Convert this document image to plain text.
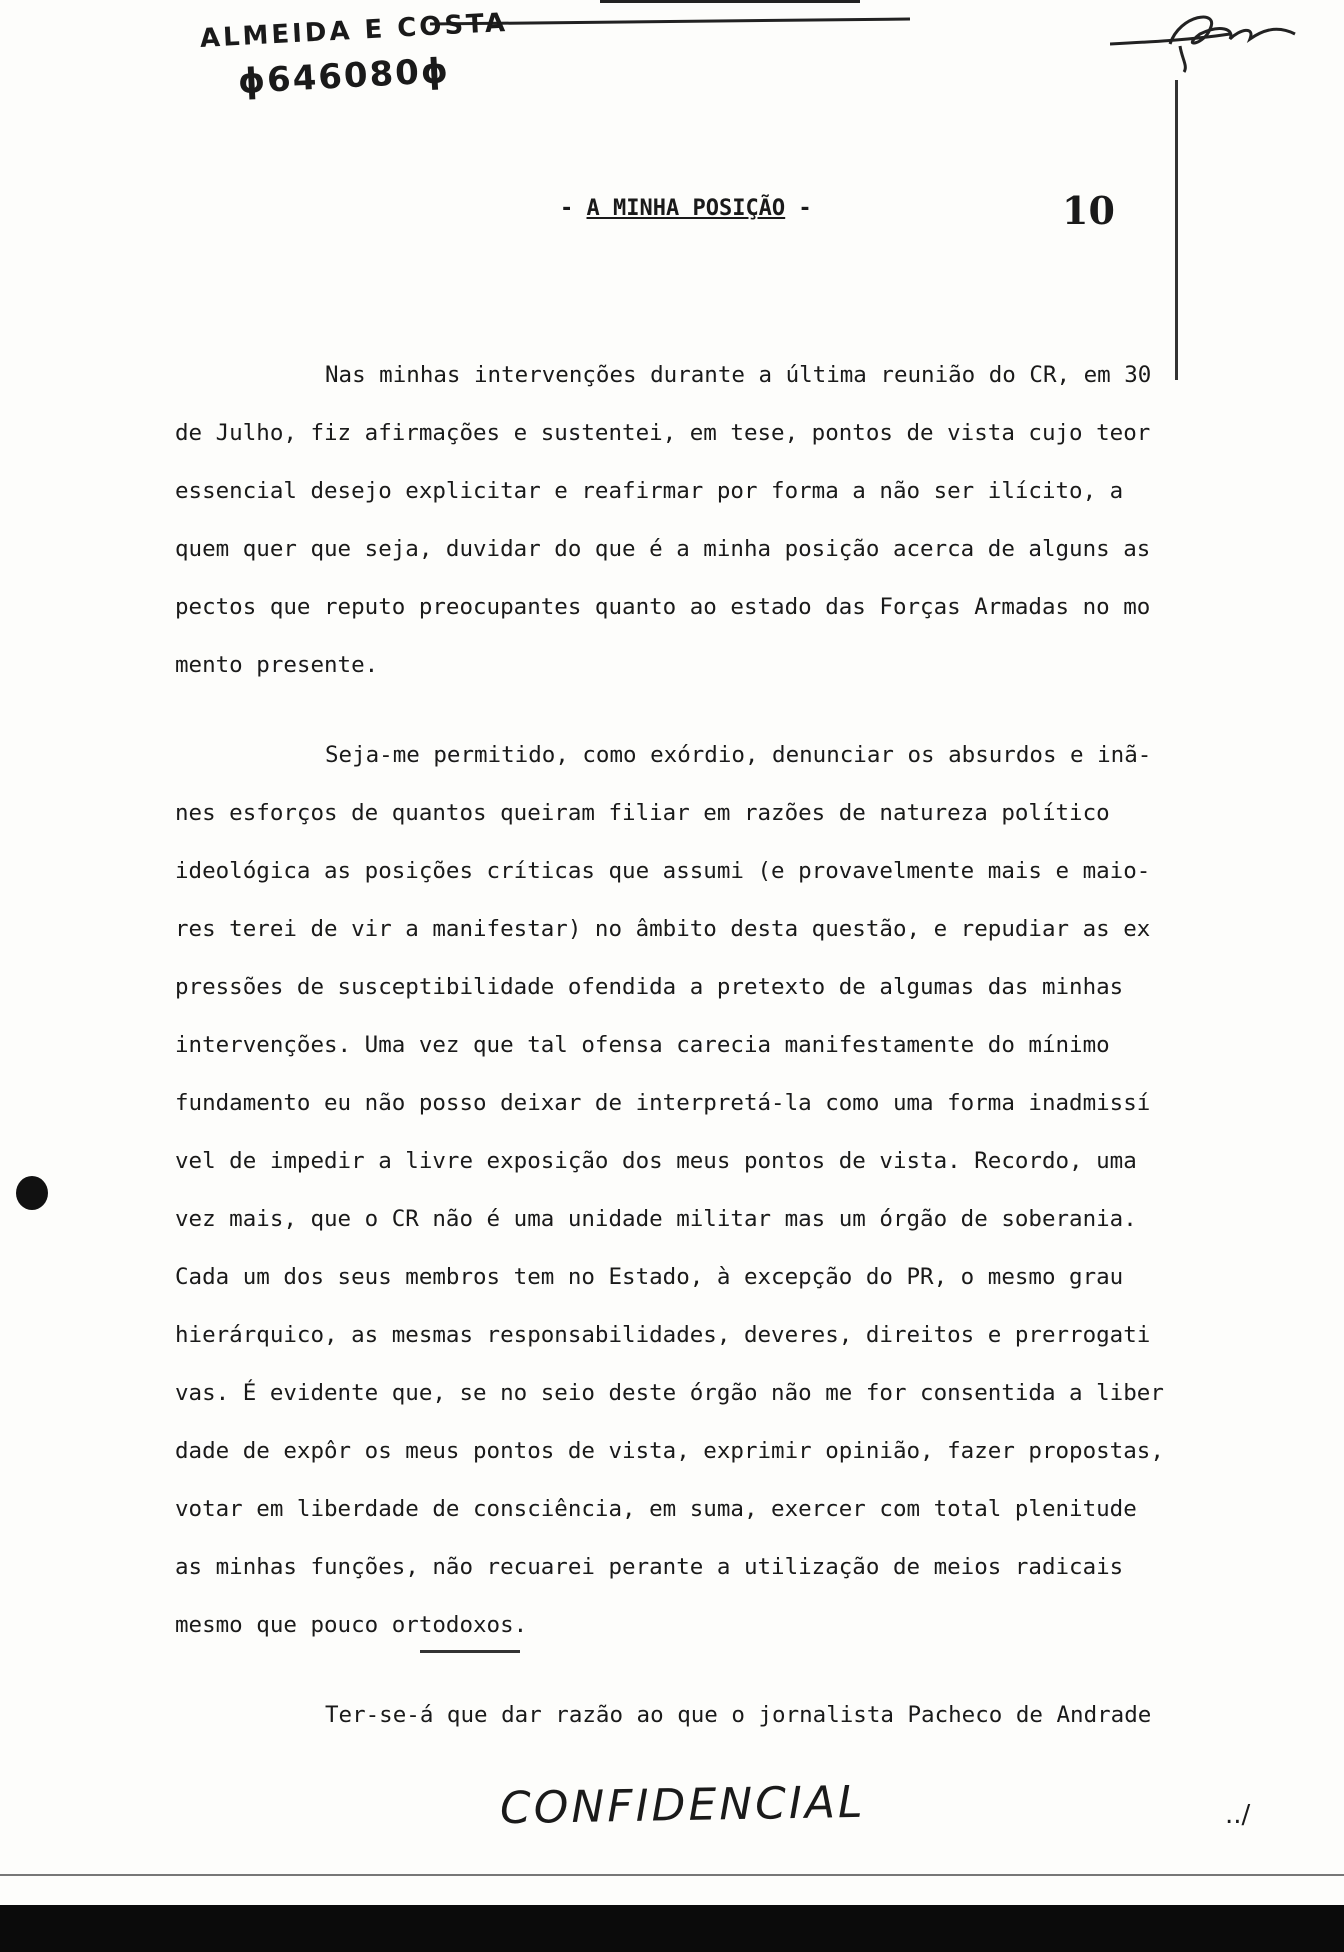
ALMEIDA E COSTA
ɸ646080ɸ
- A MINHA POSIÇÃO -	10
Nas minhas intervenções durante a última reunião do CR, em 30
de Julho, fiz afirmações e sustentei, em tese, pontos de vista cujo teor
essencial desejo explicitar e reafirmar por forma a não ser ilícito, a
quem quer que seja, duvidar do que é a minha posição acerca de alguns as
pectos que reputo preocupantes quanto ao estado das Forças Armadas no mo
mento presente.
Seja-me permitido, como exórdio, denunciar os absurdos e inã-
nes esforços de quantos queiram filiar em razões de natureza político
ideológica as posições críticas que assumi (e provavelmente mais e maio-
res terei de vir a manifestar) no âmbito desta questão, e repudiar as ex
pressões de susceptibilidade ofendida a pretexto de algumas das minhas
intervenções. Uma vez que tal ofensa carecia manifestamente do mínimo
fundamento eu não posso deixar de interpretá-la como uma forma inadmissí
vel de impedir a livre exposição dos meus pontos de vista. Recordo, uma
vez mais, que o CR não é uma unidade militar mas um órgão de soberania.
Cada um dos seus membros tem no Estado, à excepção do PR, o mesmo grau
hierárquico, as mesmas responsabilidades, deveres, direitos e prerrogati
vas. É evidente que, se no seio deste órgão não me for consentida a liber
dade de expôr os meus pontos de vista, exprimir opinião, fazer propostas,
votar em liberdade de consciência, em suma, exercer com total plenitude
as minhas funções, não recuarei perante a utilização de meios radicais
mesmo que pouco ortodoxos.
Ter-se-á que dar razão ao que o jornalista Pacheco de Andrade
CONFIDENCIAL	../
